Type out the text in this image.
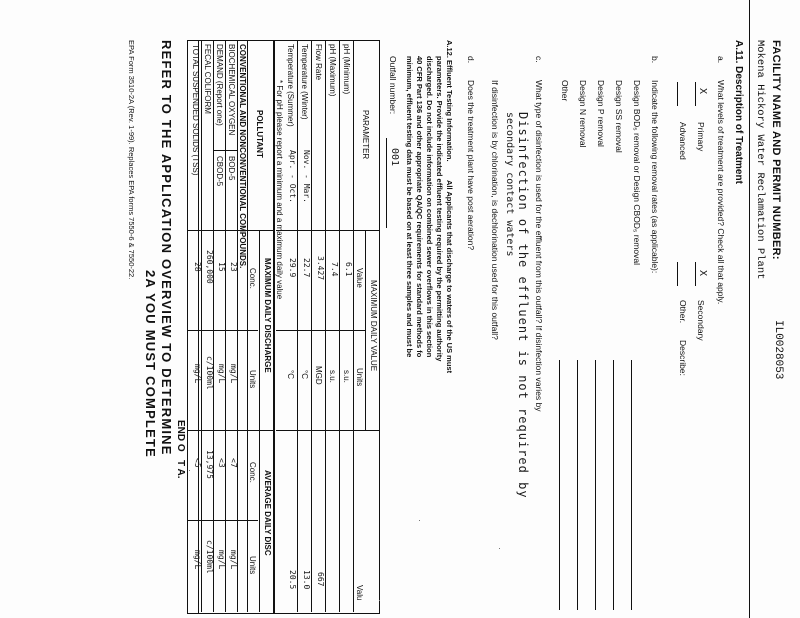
FACILITY NAME AND PERMIT NUMBER:
IL0028053
Mokena Hickory Water Reclamation Plant
A.11. Description of Treatment
a.
What levels of treatment are provided? Check all that apply.
X
Primary
X
Secondary
Advanced
Other.
Describe:
b.
Indicate the following removal rates (as applicable):
Design BOD₅ removal or Design CBOD₅ removal
Design SS removal
Design P removal
Design N removal
Other
c.
What type of disinfection is used for the effluent from this outfall? If disinfection varies by
Disinfection of the effluent is not required by
secondary contact waters
If disinfection is by chlorination, is dechlorination used for this outfall?
d.
Does the treatment plant have post aeration?
A.12. Effluent Testing Information.
All Applicants that discharge to waters of the US must
parameters. Provide the indicated effluent testing required by the permitting authority
discharged. Do not include information on combined sewer overflows in this section
40 CFR Part 136 and other appropriate QA/QC requirements for standard methods fo
minimum, effluent testing data must be based on at least three samples and must be
Outfall number:
001
PARAMETER
MAXIMUM DAILY VALUE
Value
Units
Valu
pH (Minimum)
6.1
s.u.
pH (Maximum)
7.4
s.u.
Flow Rate
3.427
MGD
667
Temperature (Winter)
Nov. - Mar.
22.7
°C
13.0
Temperature (Summer)
Apr. - Oct.
29.9
°C
20.5
* For pH please report a minimum and a maximum daily value
POLLUTANT
MAXIMUM DAILY DISCHARGE
AVERAGE DAILY DISC
Conc.
Units
Conc.
Units
CONVENTIONAL AND NONCONVENTIONAL COMPOUNDS.
BIOCHEMICAL OXYGEN
BOD-5
23
mg/L
<7
mg/L
DEMAND (Report one)
CBOD-5
15
mg/L
<3
mg/L
FECAL COLIFORM
260,000
c/100ml
13,975
c/100ml
TOTAL SUSPENDED SOLIDS (TSS)
28
mg/L
<5
mg/L
END O   T A.
REFER TO THE APPLICATION OVERVIEW TO DETERMINE
2A YOU MUST COMPLETE
EPA Form 3510-2A (Rev. 1-99). Replaces EPA forms 7550-6 & 7550-22.
